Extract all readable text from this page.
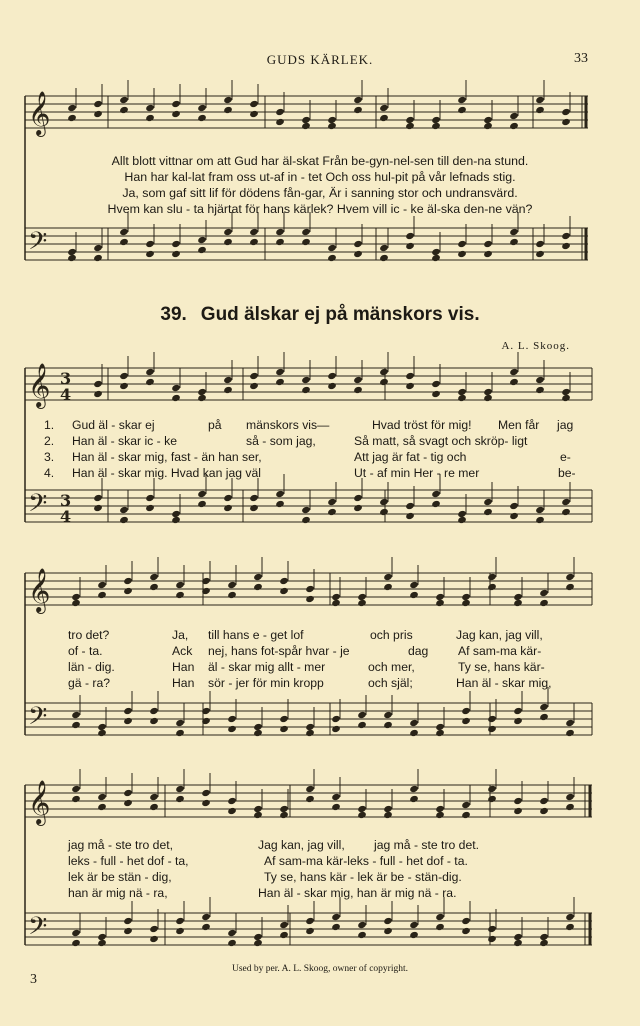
GUDS KÄRLEK.	33
𝄞
𝄢
𝄞
𝄢
𝄞
𝄢
𝄞
𝄢
3
4
3
4
Allt blott vittnar om att Gud har äl-skat Från be-gyn-nel-sen till den-na stund.
Han har kal-lat fram oss ut-af in - tet Och oss hul-pit på vår lefnads stig.
Ja, som gaf sitt lif för dödens fån-gar, Är i sanning stor och undransvärd.
Hvem kan slu - ta hjärtat för hans kärlek? Hvem vill ic - ke äl-ska den-ne vän?
39. Gud älskar ej på mänskors vis.
A. L. Skoog.
1. Gud äl - skar ej	på mänskors vis—	Hvad tröst för mig! Men får jag
2. Han äl - skar ic - ke	så - som jag,	Så matt, så svagt och skröp- ligt
3. Han äl - skar mig, fast - än han ser,	Att jag är fat - tig och	e-
4. Han äl - skar mig. Hvad kan jag väl	Ut - af min Her - re mer	be-
tro det?	Ja, till hans e - get lof	och pris	Jag kan, jag vill,
of - ta.	Ack nej, hans fot-spår hvar - je	dag Af sam-ma kär-
län - dig.	Han äl - skar mig allt - mer	och mer,	Ty se, hans kär-
gä - ra?	Han sör - jer för min kropp	och själ;	Han äl - skar mig,
jag må - ste tro det,	Jag kan, jag vill, jag må - ste tro det.
leks - full - het dof - ta,	Af sam-ma kär-leks - full - het dof - ta.
lek är be stän - dig,	Ty se, hans kär - lek är be - stän-dig.
han är mig nä - ra,	Han äl - skar mig, han är mig nä - ra.
Used by per. A. L. Skoog, owner of copyright.
3
